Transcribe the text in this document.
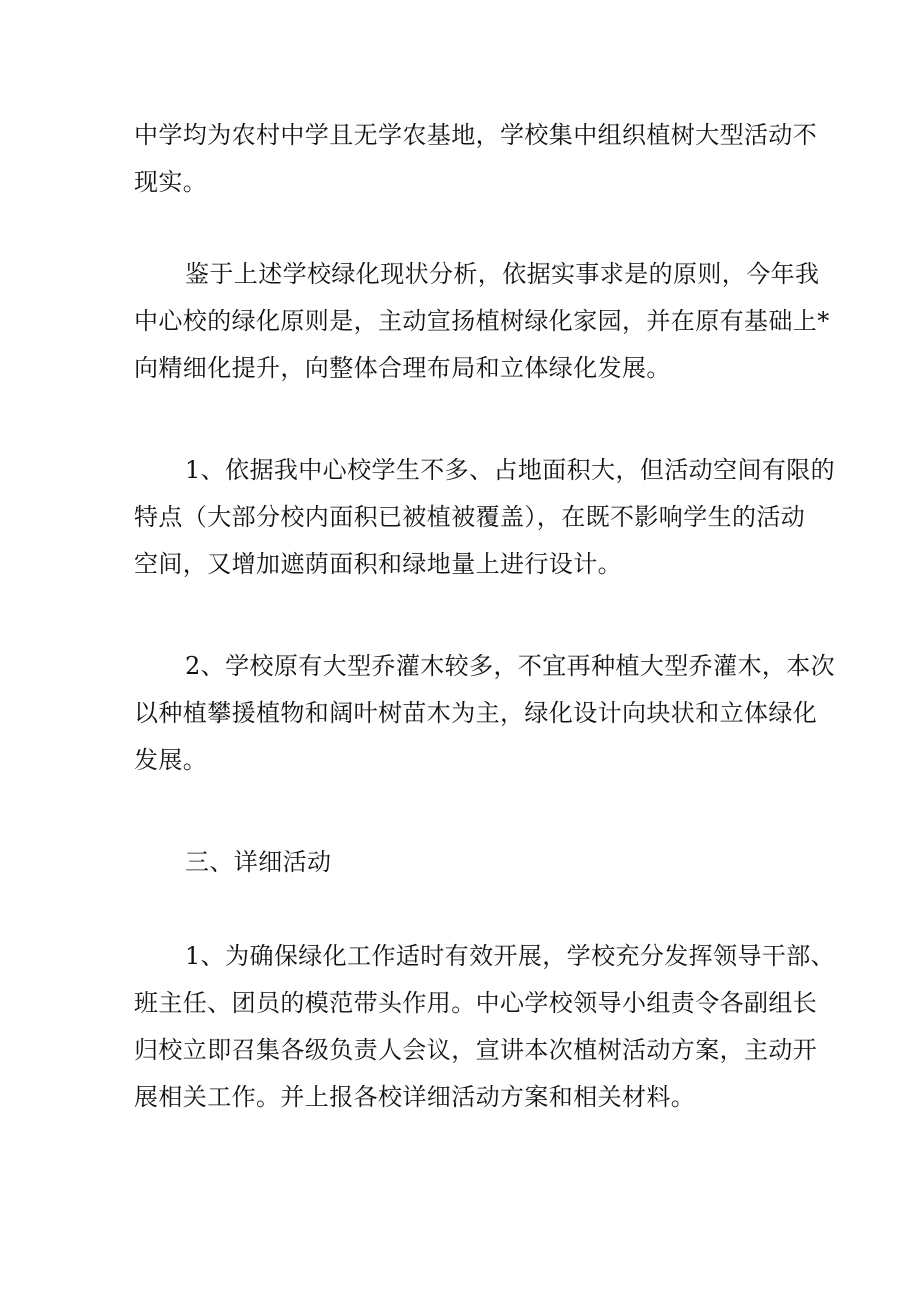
中学均为农村中学且无学农基地，学校集中组织植树大型活动不
现实。

鉴于上述学校绿化现状分析，依据实事求是的原则，今年我
中心校的绿化原则是，主动宣扬植树绿化家园，并在原有基础上*
向精细化提升，向整体合理布局和立体绿化发展。

1、依据我中心校学生不多、占地面积大，但活动空间有限的
特点（大部分校内面积已被植被覆盖），在既不影响学生的活动
空间，又增加遮荫面积和绿地量上进行设计。

2、学校原有大型乔灌木较多，不宜再种植大型乔灌木，本次
以种植攀援植物和阔叶树苗木为主，绿化设计向块状和立体绿化
发展。

三、详细活动

1、为确保绿化工作适时有效开展，学校充分发挥领导干部、
班主任、团员的模范带头作用。中心学校领导小组责令各副组长
归校立即召集各级负责人会议，宣讲本次植树活动方案，主动开
展相关工作。并上报各校详细活动方案和相关材料。
